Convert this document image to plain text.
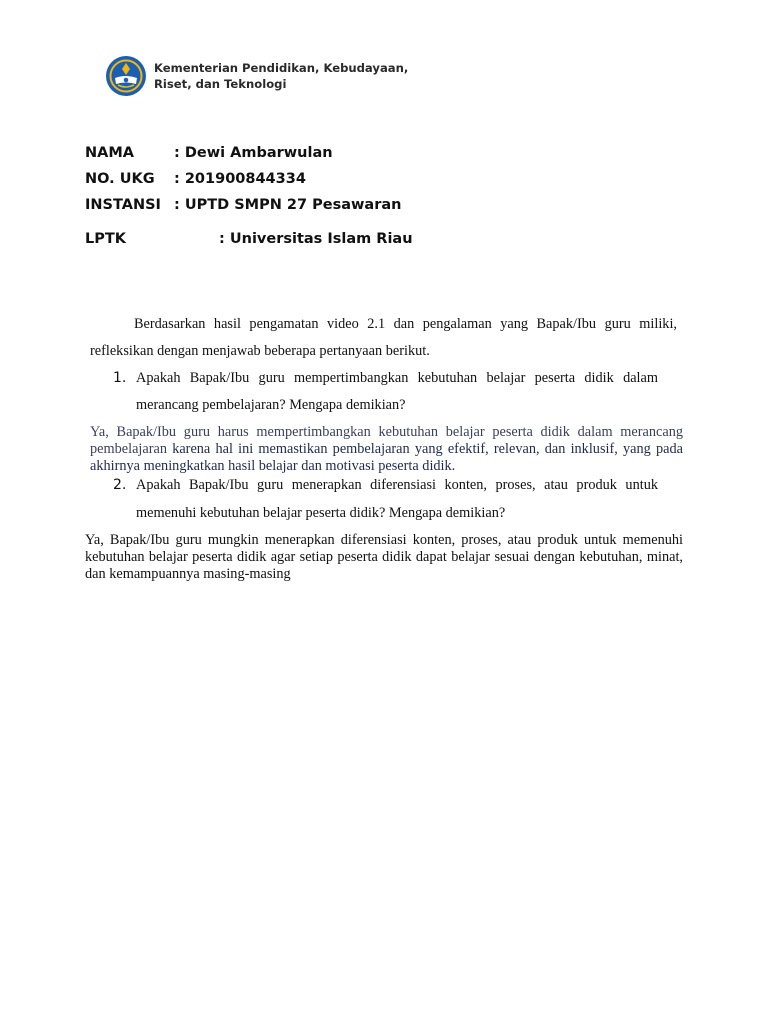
Kementerian Pendidikan, Kebudayaan,
Riset, dan Teknologi
NAMA	: Dewi Ambarwulan
NO. UKG : 201900844334
INSTANSI : UPTD SMPN 27 Pesawaran
LPTK	: Universitas Islam Riau
Berdasarkan hasil pengamatan video 2.1 dan pengalaman yang Bapak/Ibu guru miliki,
refleksikan dengan menjawab beberapa pertanyaan berikut.
1. Apakah Bapak/Ibu guru mempertimbangkan kebutuhan belajar peserta didik dalam
merancang pembelajaran? Mengapa demikian?
Ya, Bapak/Ibu guru harus mempertimbangkan kebutuhan belajar peserta didik dalam merancang pembelajaran karena hal ini memastikan pembelajaran yang efektif, relevan, dan inklusif, yang pada akhirnya meningkatkan hasil belajar dan motivasi peserta didik.
2. Apakah Bapak/Ibu guru menerapkan diferensiasi konten, proses, atau produk untuk
memenuhi kebutuhan belajar peserta didik? Mengapa demikian?
Ya, Bapak/Ibu guru mungkin menerapkan diferensiasi konten, proses, atau produk untuk memenuhi kebutuhan belajar peserta didik agar setiap peserta didik dapat belajar sesuai dengan kebutuhan, minat, dan kemampuannya masing-masing
